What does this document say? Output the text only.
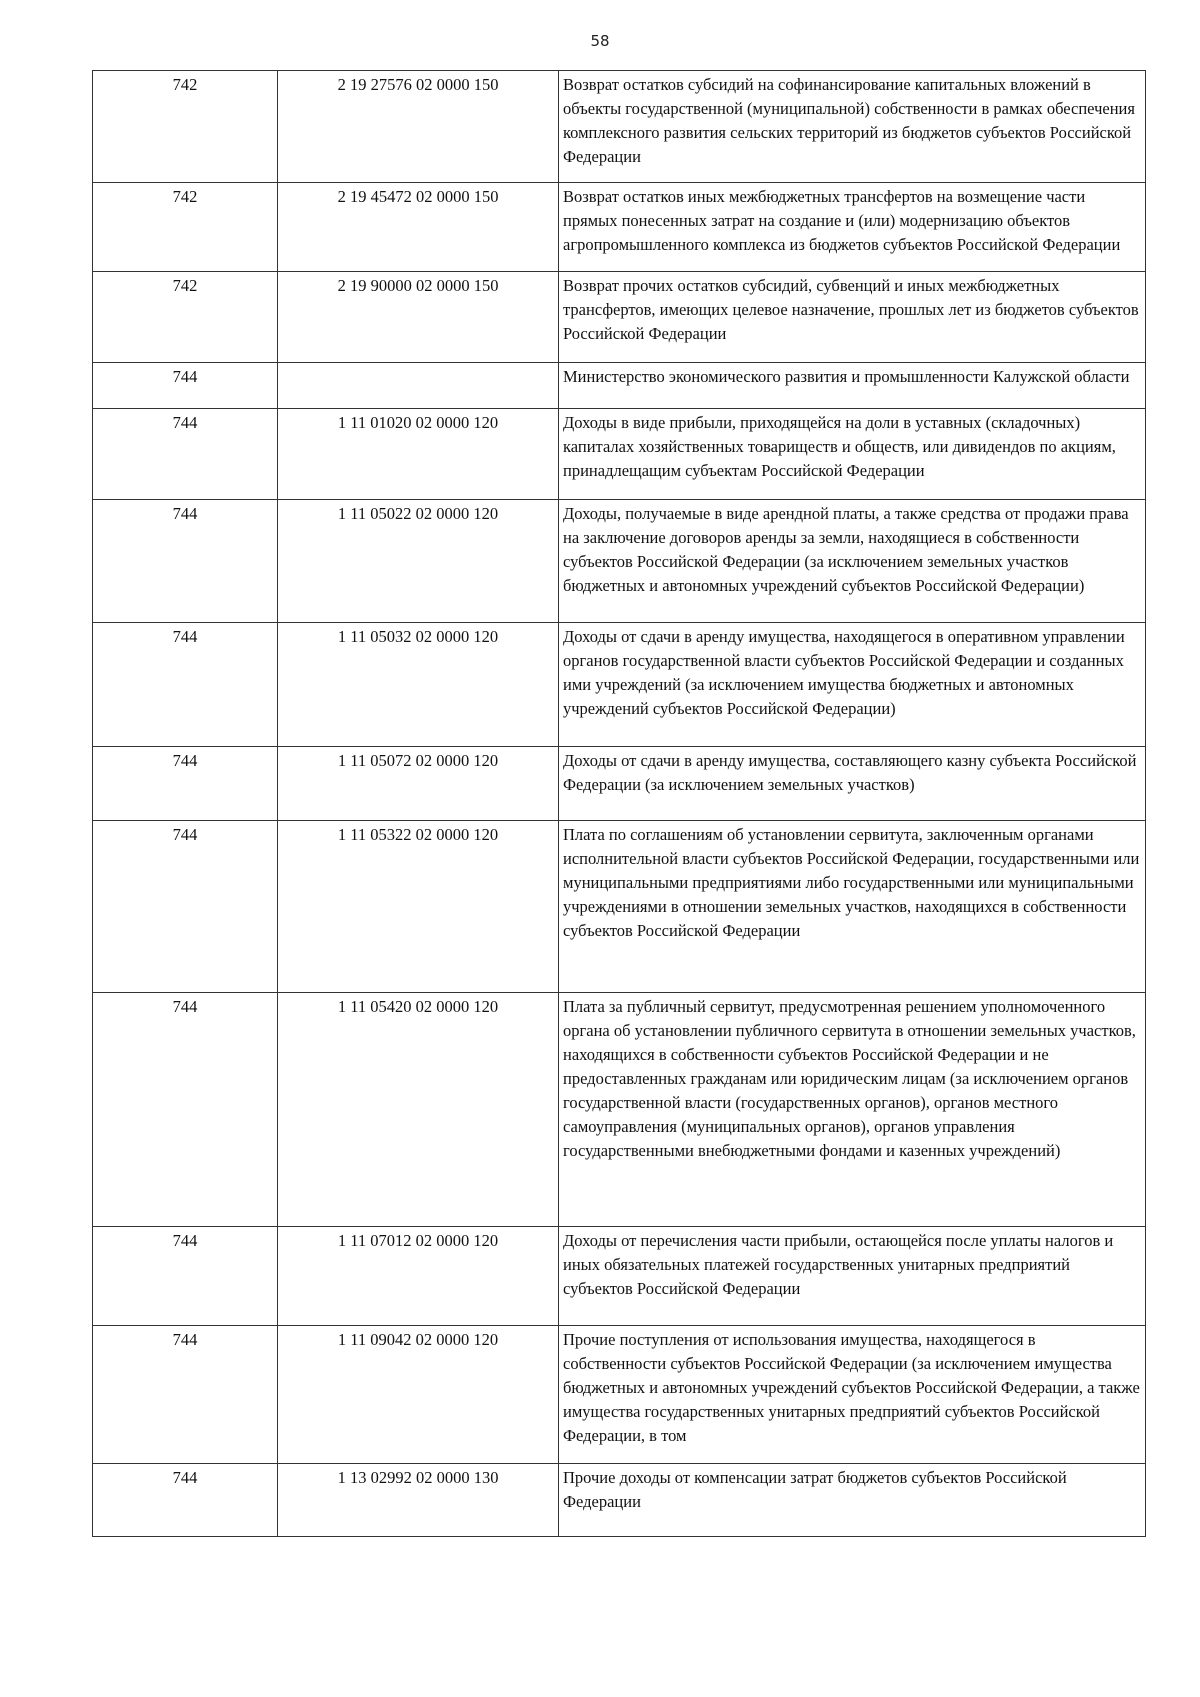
58
742	2 19 27576 02 0000 150	Возврат остатков субсидий на софинансирование капитальных вложений в объекты государственной (муниципальной) собственности в рамках обеспечения комплексного развития сельских территорий из бюджетов субъектов Российской Федерации
742	2 19 45472 02 0000 150	Возврат остатков иных межбюджетных трансфертов на возмещение части прямых понесенных затрат на создание и (или) модернизацию объектов агропромышленного комплекса из бюджетов субъектов Российской Федерации
742	2 19 90000 02 0000 150	Возврат прочих остатков субсидий, субвенций и иных межбюджетных трансфертов, имеющих целевое назначение, прошлых лет из бюджетов субъектов Российской Федерации
744		Министерство экономического развития и промышленности Калужской области
744	1 11 01020 02 0000 120	Доходы в виде прибыли, приходящейся на доли в уставных (складочных) капиталах хозяйственных товариществ и обществ, или дивидендов по акциям, принадлещащим субъектам Российской Федерации
744	1 11 05022 02 0000 120	Доходы, получаемые в виде арендной платы, а также средства от продажи права на заключение договоров аренды за земли, находящиеся в собственности субъектов Российской Федерации (за исключением земельных участков бюджетных и автономных учреждений субъектов Российской Федерации)
744	1 11 05032 02 0000 120	Доходы от сдачи в аренду имущества, находящегося в оперативном управлении органов государственной власти субъектов Российской Федерации и созданных ими учреждений (за исключением имущества бюджетных и автономных учреждений субъектов Российской Федерации)
744	1 11 05072 02 0000 120	Доходы от сдачи в аренду имущества, составляющего казну субъекта Российской Федерации (за исключением земельных участков)
744	1 11 05322 02 0000 120	Плата по соглашениям об установлении сервитута, заключенным органами исполнительной власти субъектов Российской Федерации, государственными или муниципальными предприятиями либо государственными или муниципальными учреждениями в отношении земельных участков, находящихся в собственности субъектов Российской Федерации
744	1 11 05420 02 0000 120	Плата за публичный сервитут, предусмотренная решением уполномоченного органа об установлении публичного сервитута в отношении земельных участков, находящихся в собственности субъектов Российской Федерации и не предоставленных гражданам или юридическим лицам (за исключением органов государственной власти (государственных органов), органов местного самоуправления (муниципальных органов), органов управления государственными внебюджетными фондами и казенных учреждений)
744	1 11 07012 02 0000 120	Доходы от перечисления части прибыли, остающейся после уплаты налогов и иных обязательных платежей государственных унитарных предприятий субъектов Российской Федерации
744	1 11 09042 02 0000 120	Прочие поступления от использования имущества, находящегося в собственности субъектов Российской Федерации (за исключением имущества бюджетных и автономных учреждений субъектов Российской Федерации, а также имущества государственных унитарных предприятий субъектов Российской Федерации, в том
744	1 13 02992 02 0000 130	Прочие доходы от компенсации затрат бюджетов субъектов Российской Федерации
